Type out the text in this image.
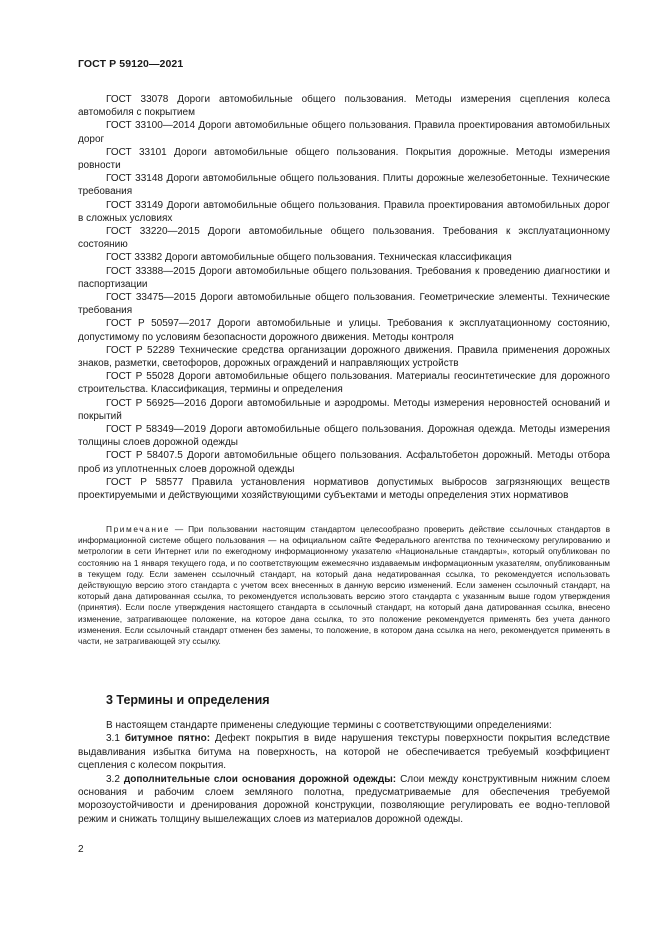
ГОСТ Р 59120—2021

ГОСТ 33078 Дороги автомобильные общего пользования. Методы измерения сцепления колеса автомобиля с покрытием

ГОСТ 33100—2014 Дороги автомобильные общего пользования. Правила проектирования автомобильных дорог

ГОСТ 33101 Дороги автомобильные общего пользования. Покрытия дорожные. Методы измерения ровности

ГОСТ 33148 Дороги автомобильные общего пользования. Плиты дорожные железобетонные. Технические требования

ГОСТ 33149 Дороги автомобильные общего пользования. Правила проектирования автомобильных дорог в сложных условиях

ГОСТ 33220—2015 Дороги автомобильные общего пользования. Требования к эксплуатационному состоянию

ГОСТ 33382 Дороги автомобильные общего пользования. Техническая классификация

ГОСТ 33388—2015 Дороги автомобильные общего пользования. Требования к проведению диагностики и паспортизации

ГОСТ 33475—2015 Дороги автомобильные общего пользования. Геометрические элементы. Технические требования

ГОСТ Р 50597—2017 Дороги автомобильные и улицы. Требования к эксплуатационному состоянию, допустимому по условиям безопасности дорожного движения. Методы контроля

ГОСТ Р 52289 Технические средства организации дорожного движения. Правила применения дорожных знаков, разметки, светофоров, дорожных ограждений и направляющих устройств

ГОСТ Р 55028 Дороги автомобильные общего пользования. Материалы геосинтетические для дорожного строительства. Классификация, термины и определения

ГОСТ Р 56925—2016 Дороги автомобильные и аэродромы. Методы измерения неровностей оснований и покрытий

ГОСТ Р 58349—2019 Дороги автомобильные общего пользования. Дорожная одежда. Методы измерения толщины слоев дорожной одежды

ГОСТ Р 58407.5 Дороги автомобильные общего пользования. Асфальтобетон дорожный. Методы отбора проб из уплотненных слоев дорожной одежды

ГОСТ Р 58577 Правила установления нормативов допустимых выбросов загрязняющих веществ проектируемыми и действующими хозяйствующими субъектами и методы определения этих нормативов

Примечание — При пользовании настоящим стандартом целесообразно проверить действие ссылочных стандартов в информационной системе общего пользования — на официальном сайте Федерального агентства по техническому регулированию и метрологии в сети Интернет или по ежегодному информационному указателю «Национальные стандарты», который опубликован по состоянию на 1 января текущего года, и по соответствующим ежемесячно издаваемым информационным указателям, опубликованным в текущем году. Если заменен ссылочный стандарт, на который дана недатированная ссылка, то рекомендуется использовать действующую версию этого стандарта с учетом всех внесенных в данную версию изменений. Если заменен ссылочный стандарт, на который дана датированная ссылка, то рекомендуется использовать версию этого стандарта с указанным выше годом утверждения (принятия). Если после утверждения настоящего стандарта в ссылочный стандарт, на который дана датированная ссылка, внесено изменение, затрагивающее положение, на которое дана ссылка, то это положение рекомендуется применять без учета данного изменения. Если ссылочный стандарт отменен без замены, то положение, в котором дана ссылка на него, рекомендуется применять в части, не затрагивающей эту ссылку.

3 Термины и определения

В настоящем стандарте применены следующие термины с соответствующими определениями:

3.1 битумное пятно: Дефект покрытия в виде нарушения текстуры поверхности покрытия вследствие выдавливания избытка битума на поверхность, на которой не обеспечивается требуемый коэффициент сцепления с колесом покрытия.

3.2 дополнительные слои основания дорожной одежды: Слои между конструктивным нижним слоем основания и рабочим слоем земляного полотна, предусматриваемые для обеспечения требуемой морозоустойчивости и дренирования дорожной конструкции, позволяющие регулировать ее водно-тепловой режим и снижать толщину вышележащих слоев из материалов дорожной одежды.

2
